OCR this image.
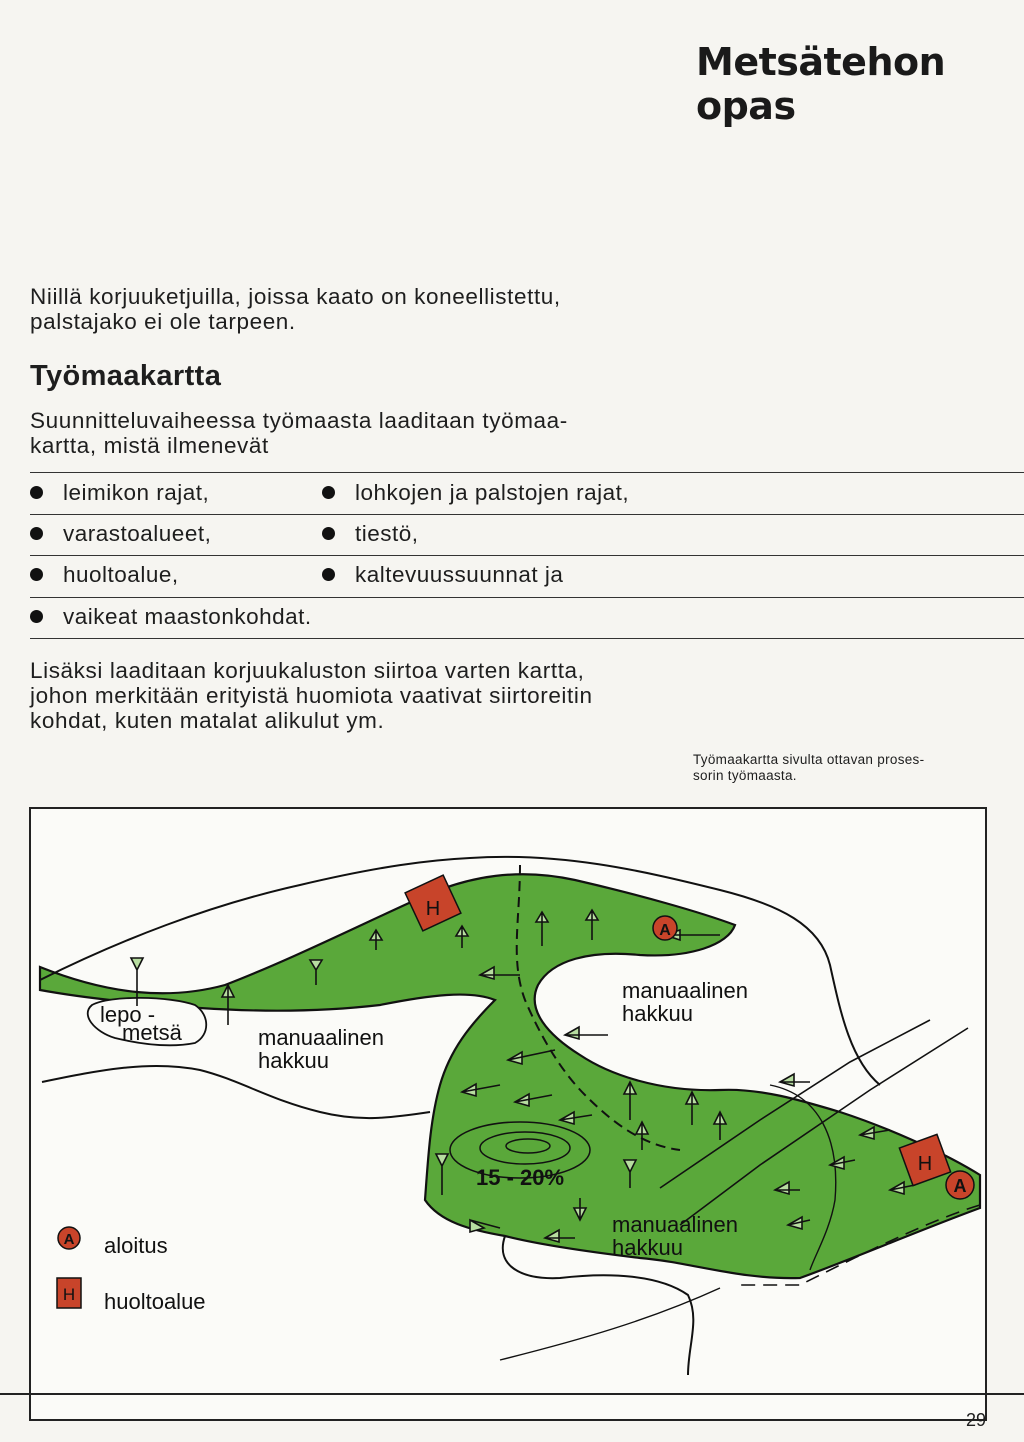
Metsätehon opas

Niillä korjuuketjuilla, joissa kaato on koneellistettu,
palstajako ei ole tarpeen.

Työmaakartta

Suunnitteluvaiheessa työmaasta laaditaan työmaa-
kartta, mistä ilmenevät

leimikon rajat,	lohkojen ja palstojen rajat,
varastoalueet,	tiestö,
huoltoalue,	kaltevuussuunnat ja
vaikeat maastonkohdat.

Lisäksi laaditaan korjuukaluston siirtoa varten kartta,
johon merkitään erityistä huomiota vaativat siirtoreitin
kohdat, kuten matalat alikulut ym.

Työmaakartta sivulta ottavan proses-
sorin työmaasta.

H
H
A
A
lepo -
metsä	manuaalinen
hakkuu
manuaalinen
hakkuu
manuaalinen
hakkuu
15 - 20%
A aloitus
H huoltoalue
29
